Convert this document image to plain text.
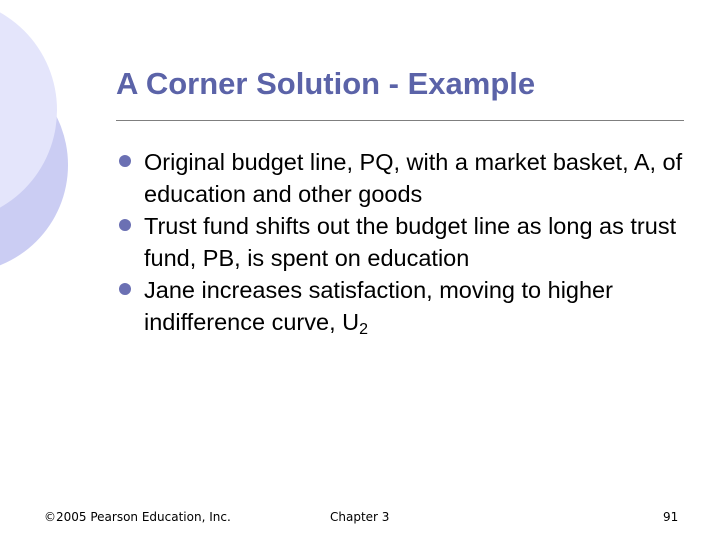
A Corner Solution - Example
Original budget line, PQ, with a market basket, A, of education and other goods
Trust fund shifts out the budget line as long as trust fund, PB, is spent on education
Jane increases satisfaction, moving to higher indifference curve, $U_2$
©2005 Pearson Education, Inc.	Chapter 3	91
